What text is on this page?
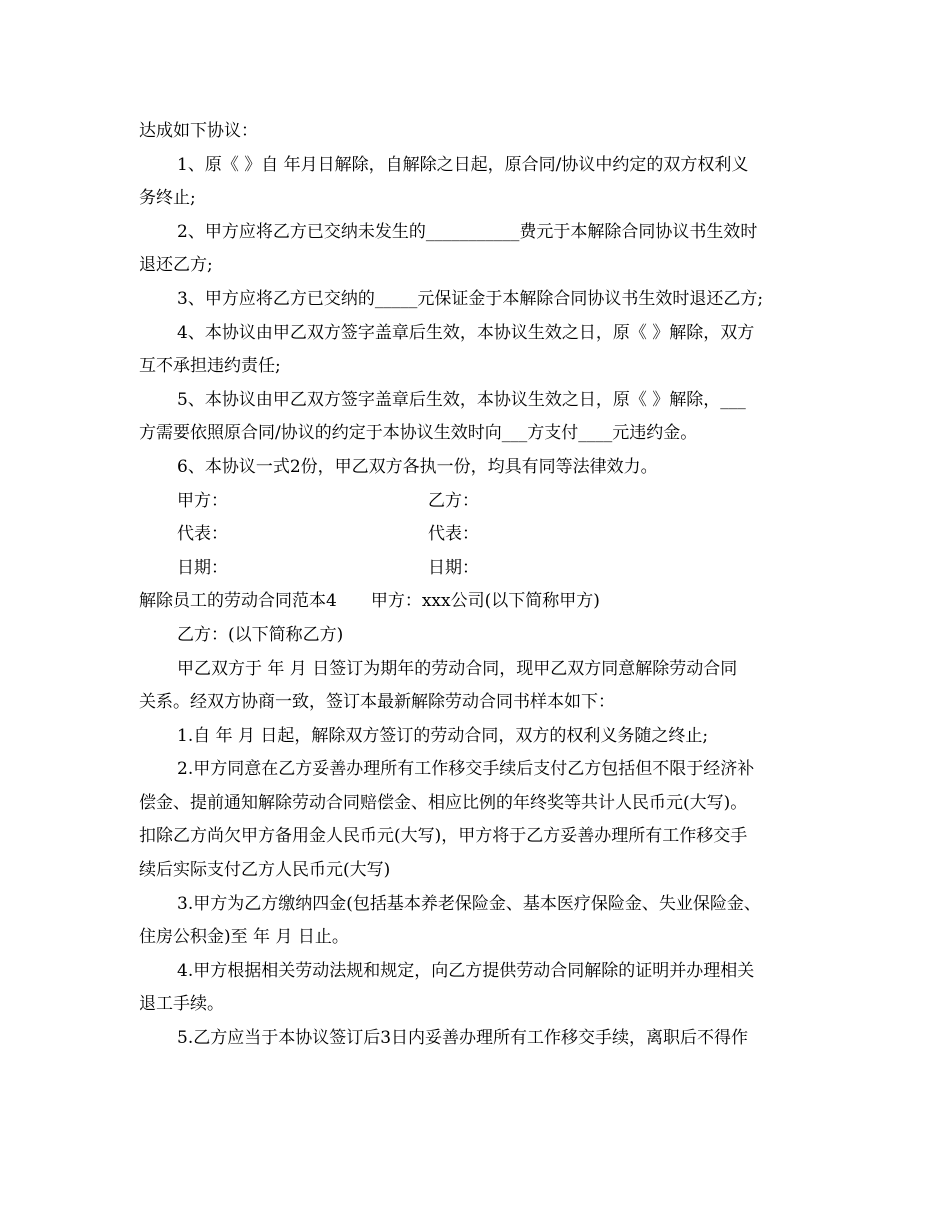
达成如下协议：

1、原《 》自 年月日解除，自解除之日起，原合同/协议中约定的双方权利义

务终止;

2、甲方应将乙方已交纳未发生的___________费元于本解除合同协议书生效时

退还乙方;

3、甲方应将乙方已交纳的_____元保证金于本解除合同协议书生效时退还乙方;

4、本协议由甲乙双方签字盖章后生效，本协议生效之日，原《 》解除，双方

互不承担违约责任;

5、本协议由甲乙双方签字盖章后生效，本协议生效之日，原《 》解除，___

方需要依照原合同/协议的约定于本协议生效时向___方支付____元违约金。

6、本协议一式2份，甲乙双方各执一份，均具有同等法律效力。

甲方：	乙方：
代表：	代表：
日期：	日期：

解除员工的劳动合同范本4 甲方：xxx公司(以下简称甲方)

乙方：(以下简称乙方)

甲乙双方于 年 月 日签订为期年的劳动合同，现甲乙双方同意解除劳动合同

关系。经双方协商一致，签订本最新解除劳动合同书样本如下：

1.自 年 月 日起，解除双方签订的劳动合同，双方的权利义务随之终止;

2.甲方同意在乙方妥善办理所有工作移交手续后支付乙方包括但不限于经济补

偿金、提前通知解除劳动合同赔偿金、相应比例的年终奖等共计人民币元(大写)。

扣除乙方尚欠甲方备用金人民币元(大写)，甲方将于乙方妥善办理所有工作移交手

续后实际支付乙方人民币元(大写)

3.甲方为乙方缴纳四金(包括基本养老保险金、基本医疗保险金、失业保险金、

住房公积金)至 年 月 日止。

4.甲方根据相关劳动法规和规定，向乙方提供劳动合同解除的证明并办理相关

退工手续。

5.乙方应当于本协议签订后3日内妥善办理所有工作移交手续，离职后不得作
